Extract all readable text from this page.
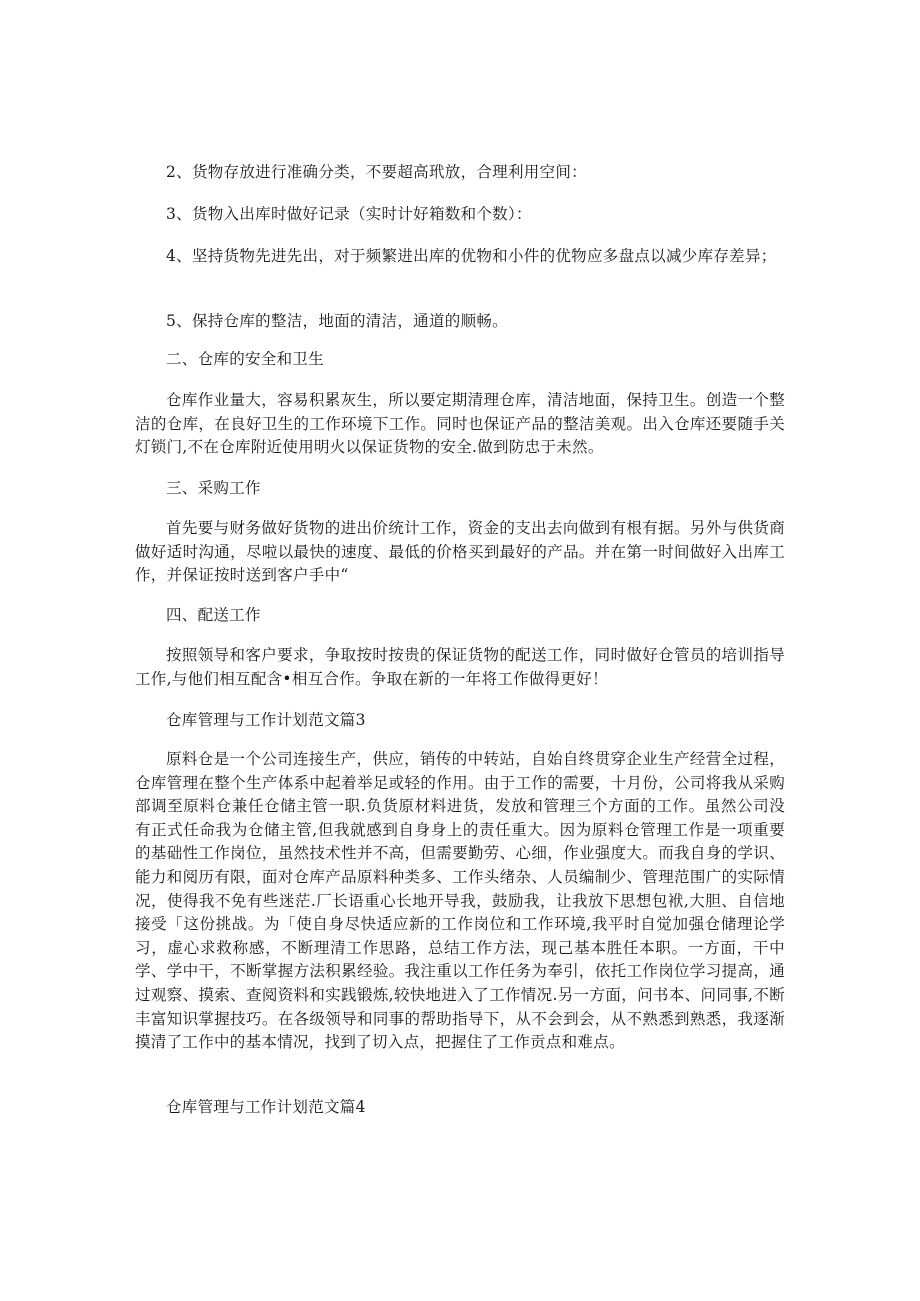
2、货物存放进行准确分类，不要超高玳放，合理利用空间：

3、货物入出库时做好记录（实时计好箱数和个数）：

4、坚持货物先进先出，对于频繁进出库的优物和小件的优物应多盘点以减少库存差异；

5、保持仓库的整洁，地面的清洁，通道的顺畅。

二、仓库的安全和卫生

仓库作业量大，容易积累灰生，所以要定期清理仓库，清洁地面，保持卫生。创造一个整洁的仓库，在良好卫生的工作环境下工作。同时也保证产品的整洁美观。出入仓库还要随手关灯锁门,不在仓库附近使用明火以保证货物的安全.做到防忠于未然。

三、采购工作

首先要与财务做好货物的进出价统计工作，资金的支出去向做到有根有据。另外与供货商做好适时沟通，尽啦以最快的速度、最低的价格买到最好的产品。并在第一时间做好入出库工作，并保证按时送到客户手中“

四、配送工作

按照领导和客户要求，争取按时按贵的保证货物的配送工作，同时做好仓管员的培训指导工作,与他们相互配含•相互合作。争取在新的一年将工作做得更好！

仓库管理与工作计划范文篇3

原料仓是一个公司连接生产，供应，销传的中转站，自始自终贯穿企业生产经营全过程，仓库管理在整个生产体系中起着举足或轻的作用。由于工作的需要，十月份，公司将我从采购部调至原料仓兼任仓储主管一职.负货原材料进货，发放和管理三个方面的工作。虽然公司没有正式任命我为仓储主管,但我就感到自身身上的责任重大。因为原料仓管理工作是一项重要的基础性工作岗位，虽然技术性并不高，但需要勤劳、心细，作业强度大。而我自身的学识、能力和阅历有限，面对仓库产品原料种类多、工作头绪杂、人员编制少、管理范围广的实际情况，使得我不免有些迷茫.厂长语重心长地开导我，鼓励我，让我放下思想包袱,大胆、自信地接受「这份挑战。为「使自身尽快适应新的工作岗位和工作环境,我平时自觉加强仓储理论学习，虚心求救称感，不断理清工作思路，总结工作方法，现己基本胜任本职。一方面，干中学、学中干，不断掌握方法积累经验。我注重以工作任务为奉引，依托工作岗位学习提高，通过观察、摸索、查阅资料和实践锻炼,较快地进入了工作情况.另一方面，问书本、问同事,不断丰富知识掌握技巧。在各级领导和同事的帮助指导下，从不会到会，从不熟悉到熟悉，我逐渐摸清了工作中的基本情况，找到了切入点，把握住了工作贡点和难点。

仓库管理与工作计划范文篇4
